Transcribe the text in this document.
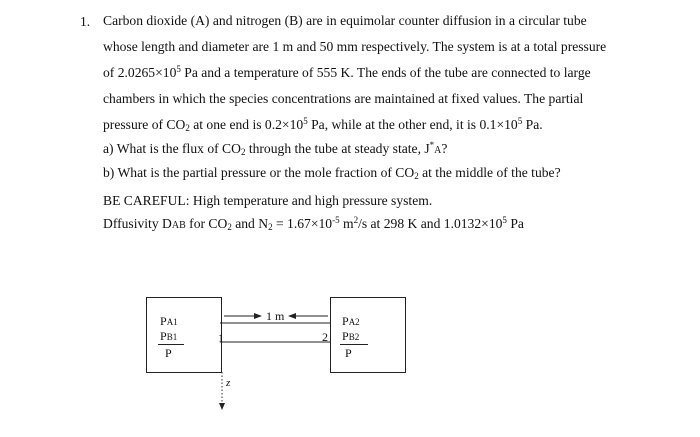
1. Carbon dioxide (A) and nitrogen (B) are in equimolar counter diffusion in a circular tube
whose length and diameter are 1 m and 50 mm respectively. The system is at a total pressure
of $2.0265\times 10^5$ Pa and a temperature of 555 K. The ends of the tube are connected to large
chambers in which the species concentrations are maintained at fixed values. The partial
pressure of $CO_2$ at one end is $0.2\times 10^5$ Pa, while at the other end, it is $0.1\times 10^5$ Pa.
a) What is the flux of $CO_2$ through the tube at steady state, J*A?
b) What is the partial pressure or the mole fraction of $CO_2$ at the middle of the tube?
BE CAREFUL: High temperature and high pressure system.
Dffusivity DAB for $CO_2$ and $N_2 = 1.67\times 10^{-5}$ $m^2/s$ at 298 K and $1.0132\times 10^5$ Pa
PA1
PB1
P
PA2
PB2
P
1 m
1	2
z
